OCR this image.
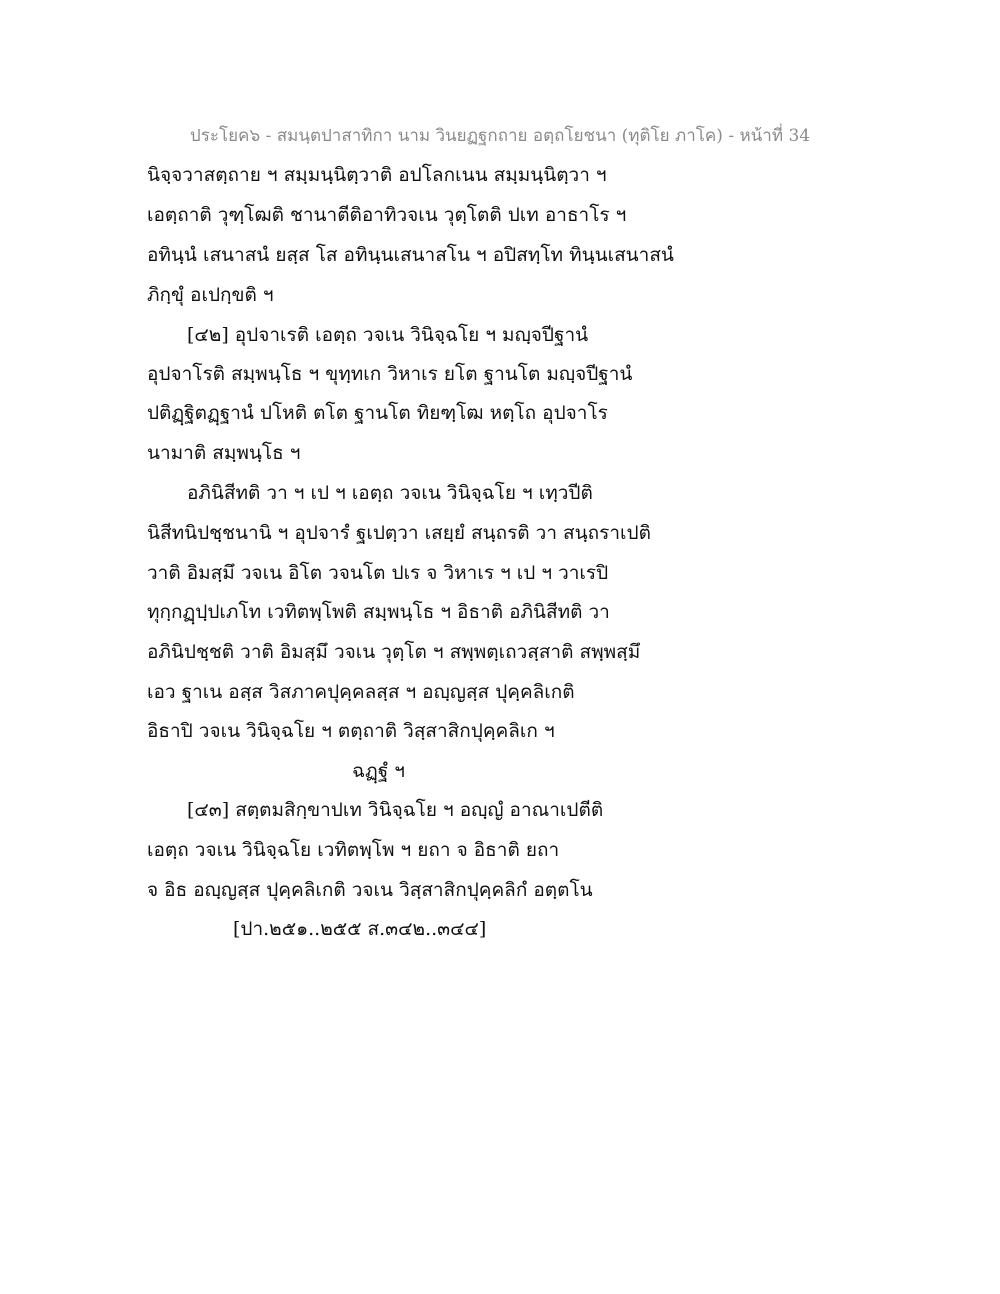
ประโยค๖ - สมนฺตปาสาทิกา นาม วินยฏฐกถาย อตฺถโยชนา (ทุติโย ภาโค) - หน้าที่ 34
นิจฺจวาสตฺถาย ฯ สมฺมนฺนิตฺวาติ อปโลกเนน สมฺมนฺนิตฺวา ฯ
เอตฺถาติ วุฑฺโฒติ ชานาตีติอาทิวจเน วุตฺโตติ ปเท อาธาโร ฯ
อทินฺนํ เสนาสนํ ยสฺส โส อทินฺนเสนาสโน ฯ อปิสทฺโท ทินฺนเสนาสนํ
ภิกฺขุํ อเปกฺขติ ฯ
[๔๒] อุปจาเรติ เอตฺถ วจเน วินิจฺฉโย ฯ มญฺจปีฐานํ
อุปจาโรติ สมฺพนฺโธ ฯ ขุทฺทเก วิหาเร ยโต ฐานโต มญฺจปีฐานํ
ปติฏฺฐิตฏฺฐานํ ปโหติ ตโต ฐานโต ทิยฑฺโฒ หตฺโถ อุปจาโร
นามาติ สมฺพนฺโธ ฯ
อภินิสีทติ วา ฯ เป ฯ เอตฺถ วจเน วินิจฺฉโย ฯ เทฺวปีติ
นิสีทนิปชฺชนานิ ฯ อุปจารํ ฐเปตฺวา เสยฺยํ สนฺถรติ วา สนฺถราเปติ
วาติ อิมสฺมึ วจเน อิโต วจนโต ปเร จ วิหาเร ฯ เป ฯ วาเรปิ
ทุกฺกฏฺปฺปเภโท เวทิตพฺโพติ สมฺพนฺโธ ฯ อิธาติ อภินิสีทติ วา
อภินิปชฺชติ วาติ อิมสฺมึ วจเน วุตฺโต ฯ สพฺพตฺเถวสฺสาติ สพฺพสฺมึ
เอว ฐาเน อสฺส วิสภาคปุคฺคลสฺส ฯ อญฺญสฺส ปุคฺคลิเกติ
อิธาปิ วจเน วินิจฺฉโย ฯ ตตฺถาติ วิสฺสาสิกปุคฺคลิเก ฯ
ฉฏฺฐํ ฯ
[๔๓] สตฺตมสิกฺขาปเท วินิจฺฉโย ฯ อญฺญํ อาณาเปตีติ
เอตฺถ วจเน วินิจฺฉโย เวทิตพฺโพ ฯ ยถา จ อิธาติ ยถา
จ อิธ อญฺญสฺส ปุคฺคลิเกติ วจเน วิสฺสาสิกปุคฺคลิกํ อตฺตโน
[ปา.๒๕๑..๒๕๕ ส.๓๔๒..๓๔๔]
